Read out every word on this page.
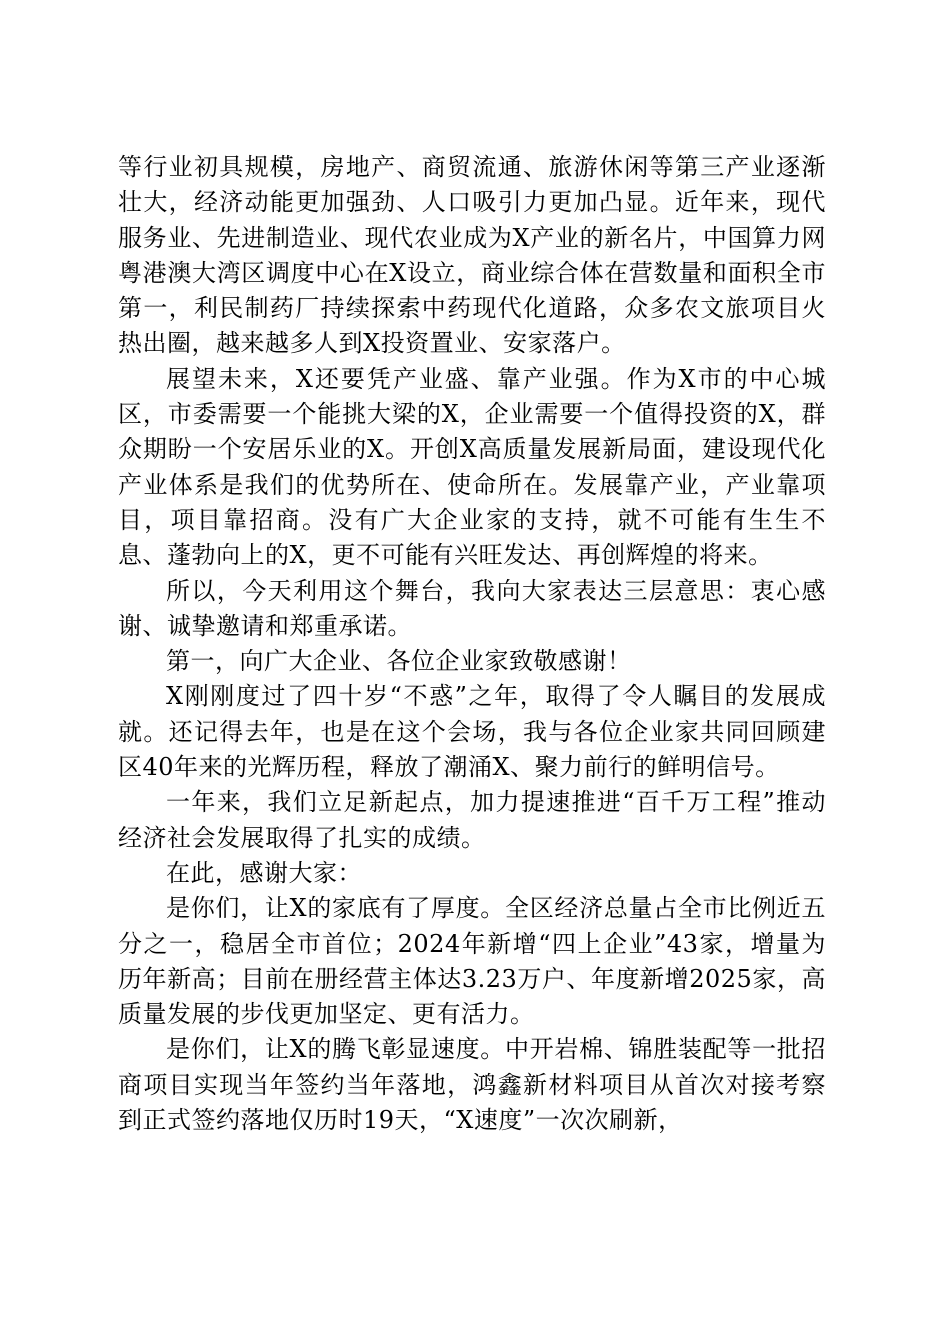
等行业初具规模，房地产、商贸流通、旅游休闲等第三产业逐渐壮大，经济动能更加强劲、人口吸引力更加凸显。近年来，现代服务业、先进制造业、现代农业成为X产业的新名片，中国算力网粤港澳大湾区调度中心在X设立，商业综合体在营数量和面积全市第一，利民制药厂持续探索中药现代化道路，众多农文旅项目火热出圈，越来越多人到X投资置业、安家落户。

展望未来，X还要凭产业盛、靠产业强。作为X市的中心城区，市委需要一个能挑大梁的X，企业需要一个值得投资的X，群众期盼一个安居乐业的X。开创X高质量发展新局面，建设现代化产业体系是我们的优势所在、使命所在。发展靠产业，产业靠项目，项目靠招商。没有广大企业家的支持，就不可能有生生不息、蓬勃向上的X，更不可能有兴旺发达、再创辉煌的将来。

所以，今天利用这个舞台，我向大家表达三层意思：衷心感谢、诚挚邀请和郑重承诺。

第一，向广大企业、各位企业家致敬感谢！

X刚刚度过了四十岁“不惑”之年，取得了令人瞩目的发展成就。还记得去年，也是在这个会场，我与各位企业家共同回顾建区40年来的光辉历程，释放了潮涌X、聚力前行的鲜明信号。

一年来，我们立足新起点，加力提速推进“百千万工程”推动经济社会发展取得了扎实的成绩。

在此，感谢大家：

是你们，让X的家底有了厚度。全区经济总量占全市比例近五分之一，稳居全市首位；2024年新增“四上企业”43家，增量为历年新高；目前在册经营主体达3.23万户、年度新增2025家，高质量发展的步伐更加坚定、更有活力。

是你们，让X的腾飞彰显速度。中开岩棉、锦胜装配等一批招商项目实现当年签约当年落地，鸿鑫新材料项目从首次对接考察到正式签约落地仅历时19天，“X速度”一次次刷新，
